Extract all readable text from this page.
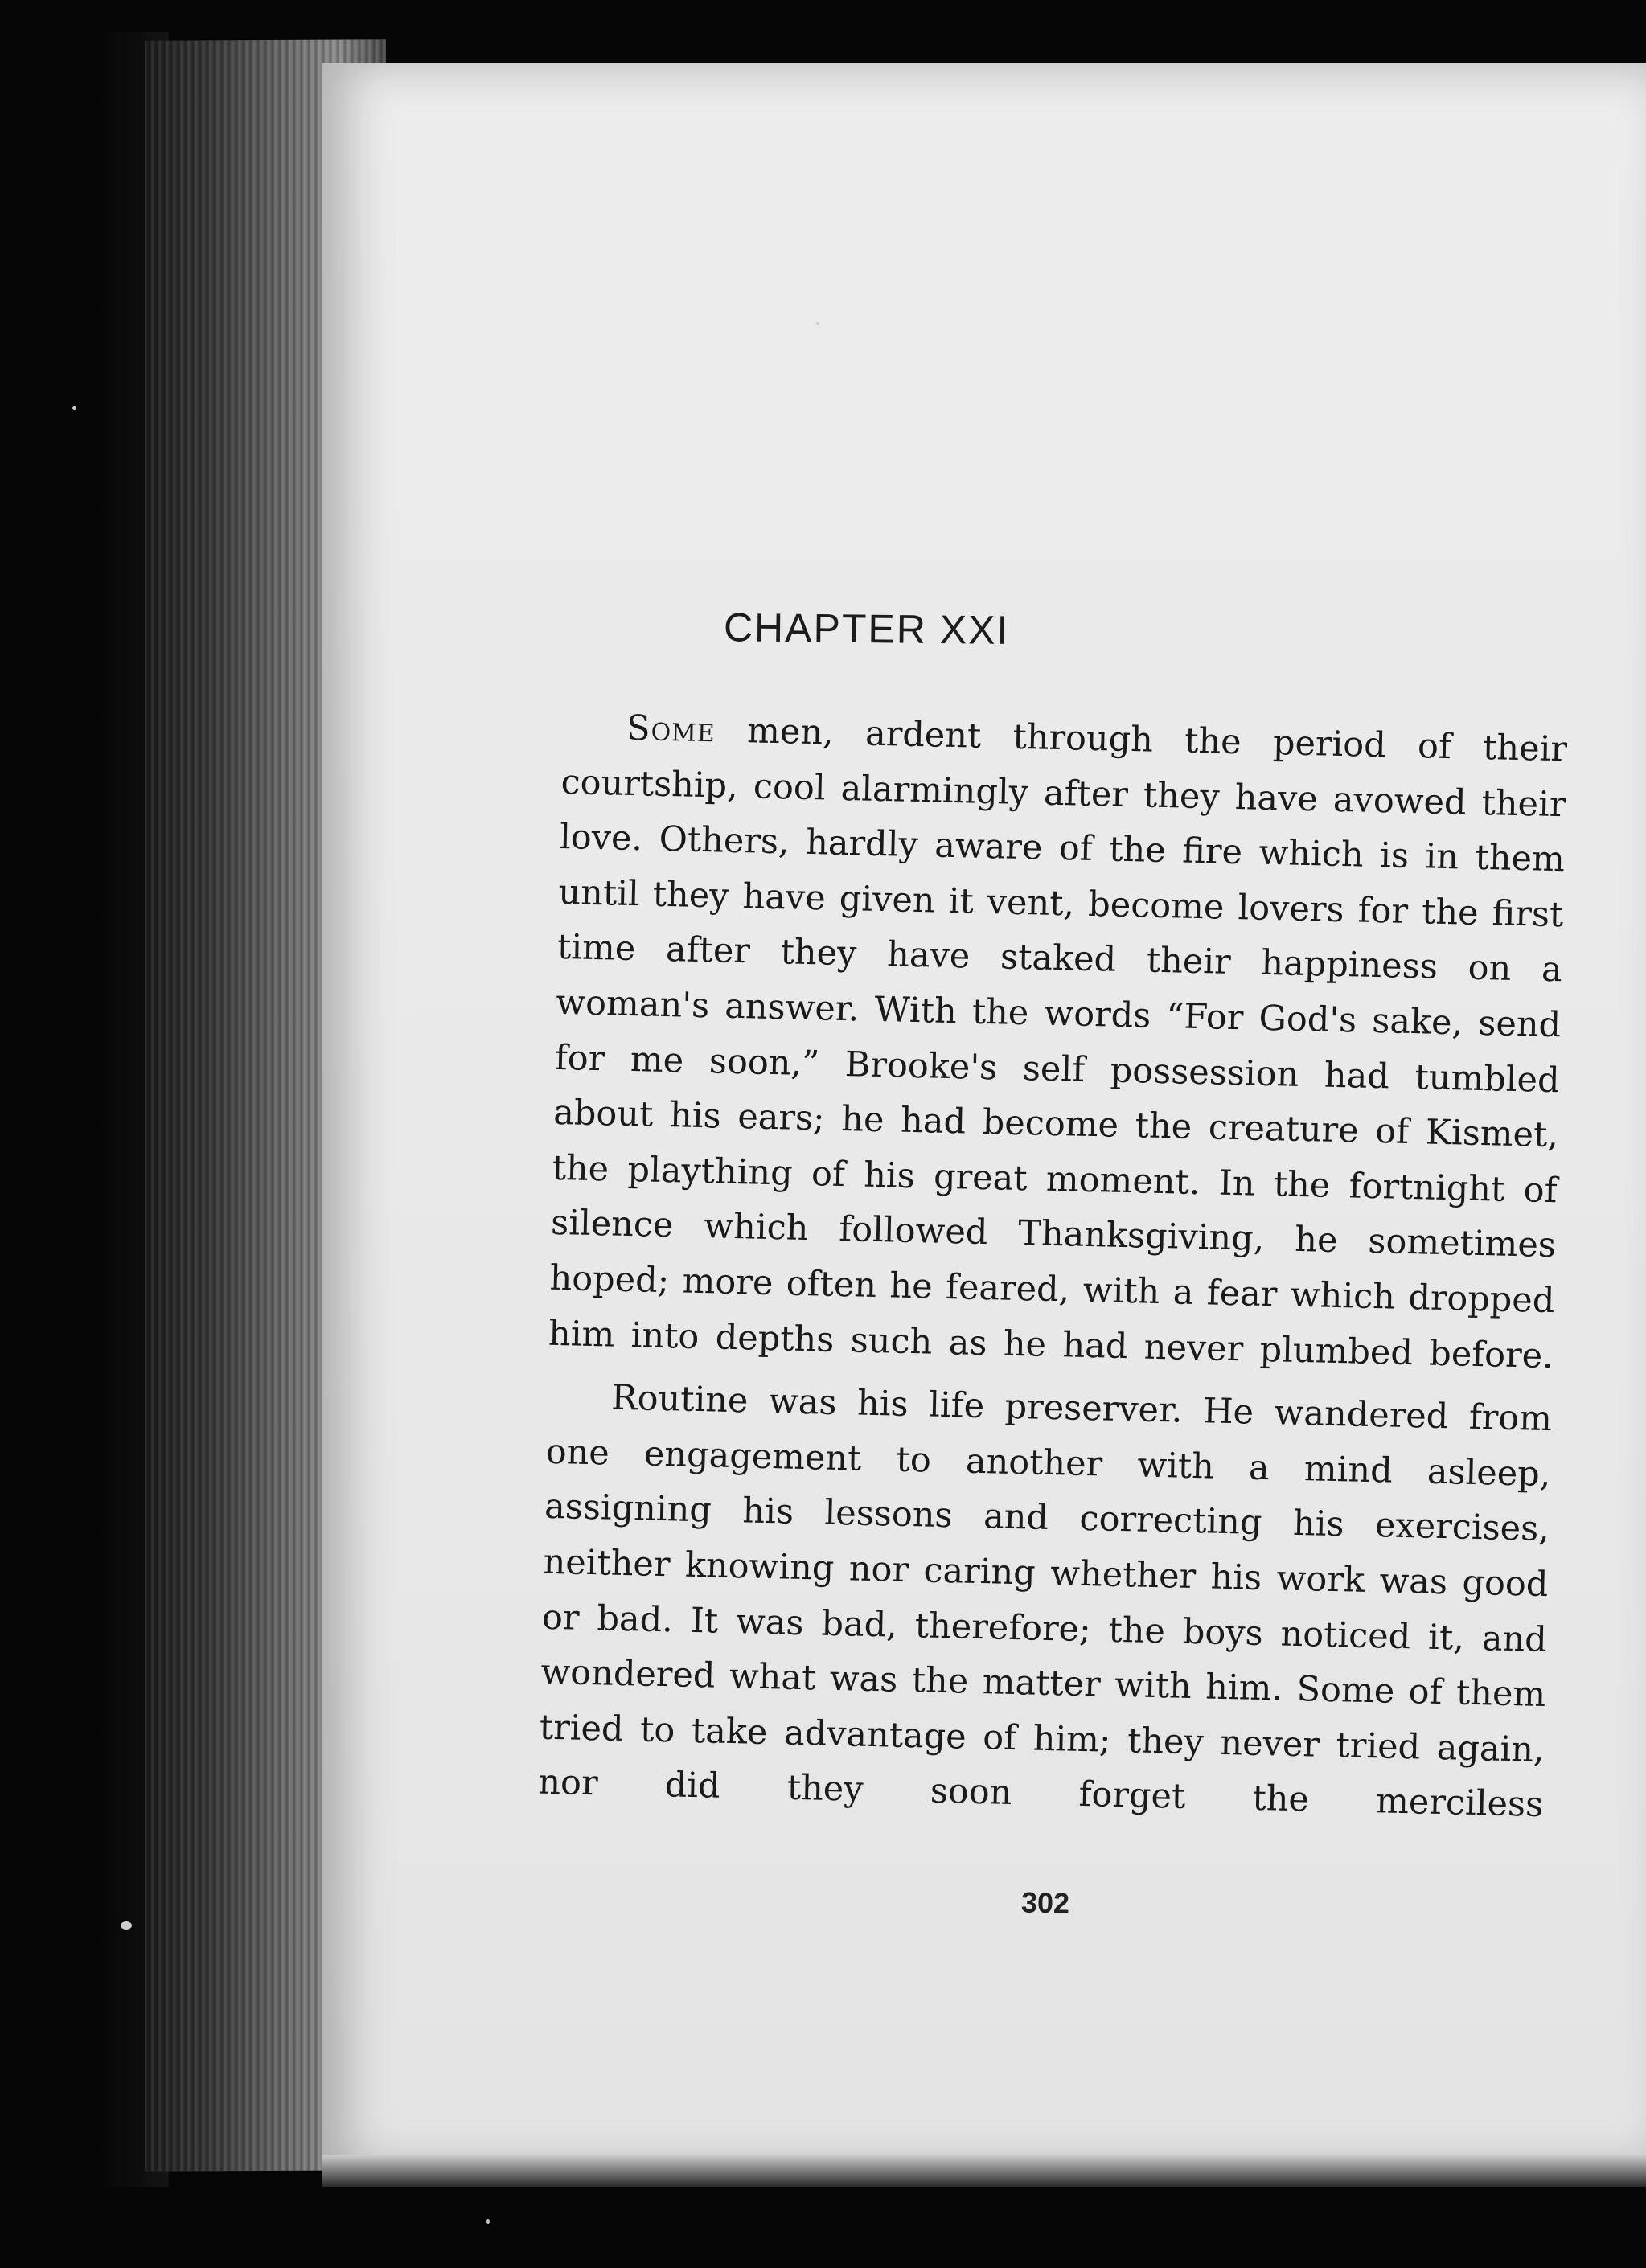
CHAPTER XXI

Some men, ardent through the period of their courtship, cool alarmingly after they have avowed their love. Others, hardly aware of the fire which is in them until they have given it vent, become lovers for the first time after they have staked their happiness on a woman's answer. With the words “For God's sake, send for me soon,” Brooke's self possession had tumbled about his ears; he had become the creature of Kismet, the plaything of his great moment. In the fortnight of silence which followed Thanksgiving, he sometimes hoped; more often he feared, with a fear which dropped him into depths such as he had never plumbed before.

Routine was his life preserver. He wandered from one engagement to another with a mind asleep, assigning his lessons and correcting his exercises, neither knowing nor caring whether his work was good or bad. It was bad, therefore; the boys noticed it, and wondered what was the matter with him. Some of them tried to take advantage of him; they never tried again, nor did they soon forget the merciless

302
